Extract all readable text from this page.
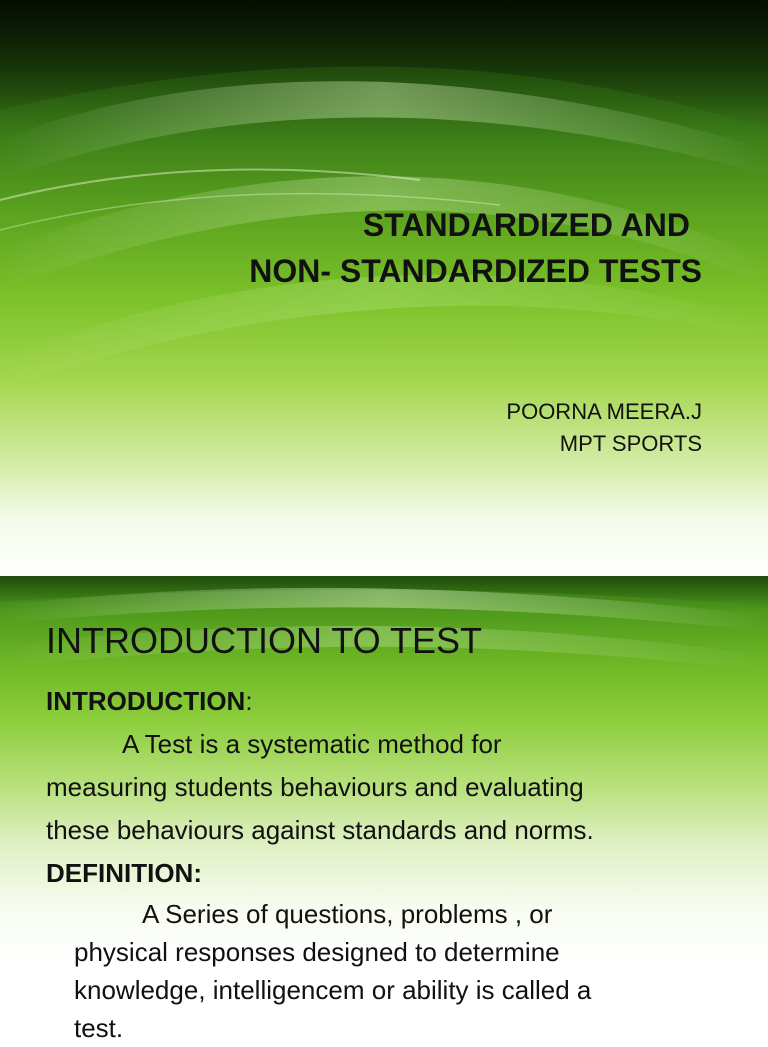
STANDARDIZED AND
NON- STANDARDIZED TESTS
POORNA MEERA.J
MPT SPORTS
INTRODUCTION TO TEST
INTRODUCTION:
A Test is a systematic method for
measuring students behaviours and evaluating
these behaviours against standards and norms.
DEFINITION:
A Series of questions, problems , or
physical responses designed to determine
knowledge, intelligencem or ability is called a
test.
